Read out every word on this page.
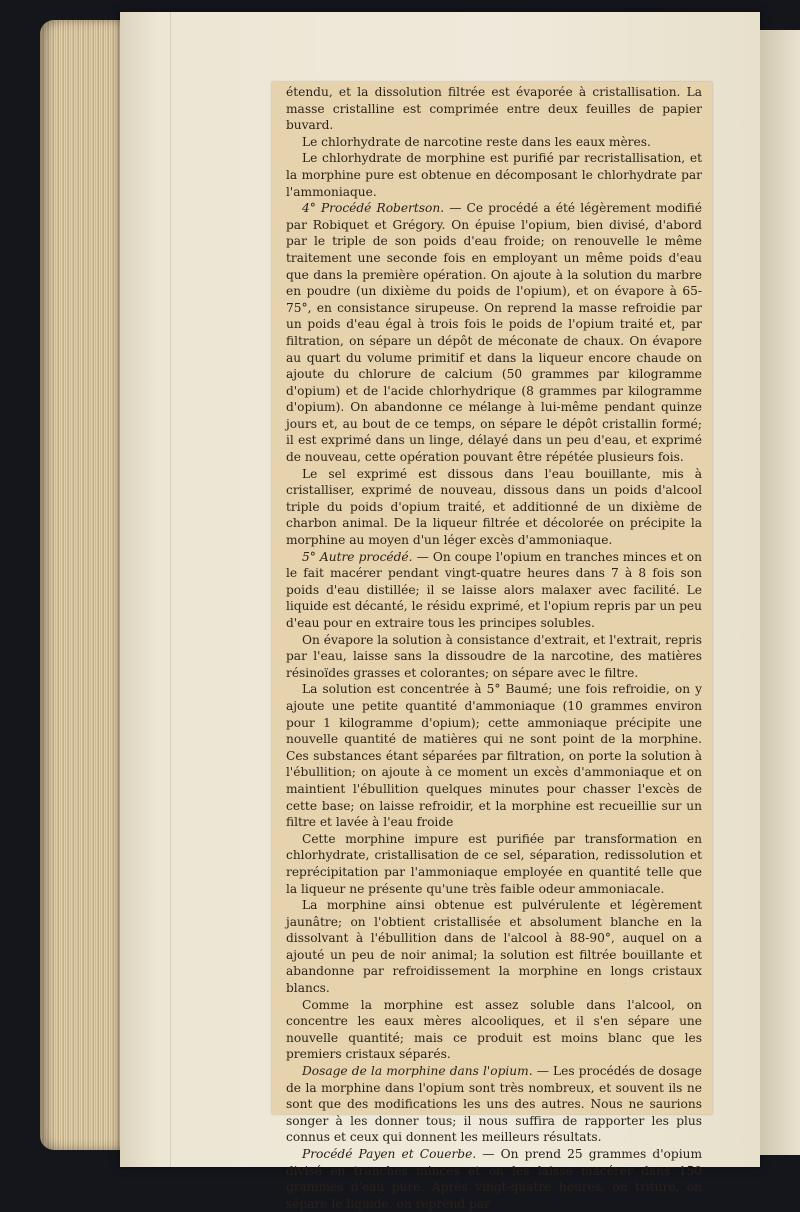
étendu, et la dissolution filtrée est évaporée à cristallisation. La masse cristalline est comprimée entre deux feuilles de papier buvard.

Le chlorhydrate de narcotine reste dans les eaux mères.

Le chlorhydrate de morphine est purifié par recristallisation, et la morphine pure est obtenue en décomposant le chlorhydrate par l'ammoniaque.

4° Procédé Robertson. — Ce procédé a été légèrement modifié par Robiquet et Grégory. On épuise l'opium, bien divisé, d'abord par le triple de son poids d'eau froide; on renouvelle le même traitement une seconde fois en employant un même poids d'eau que dans la première opération. On ajoute à la solution du marbre en poudre (un dixième du poids de l'opium), et on évapore à 65-75°, en consistance sirupeuse. On reprend la masse refroidie par un poids d'eau égal à trois fois le poids de l'opium traité et, par filtration, on sépare un dépôt de méconate de chaux. On évapore au quart du volume primitif et dans la liqueur encore chaude on ajoute du chlorure de calcium (50 grammes par kilogramme d'opium) et de l'acide chlorhydrique (8 grammes par kilogramme d'opium). On abandonne ce mélange à lui-même pendant quinze jours et, au bout de ce temps, on sépare le dépôt cristallin formé; il est exprimé dans un linge, délayé dans un peu d'eau, et exprimé de nouveau, cette opération pouvant être répétée plusieurs fois.

Le sel exprimé est dissous dans l'eau bouillante, mis à cristalliser, exprimé de nouveau, dissous dans un poids d'alcool triple du poids d'opium traité, et additionné de un dixième de charbon animal. De la liqueur filtrée et décolorée on précipite la morphine au moyen d'un léger excès d'ammoniaque.

5° Autre procédé. — On coupe l'opium en tranches minces et on le fait macérer pendant vingt-quatre heures dans 7 à 8 fois son poids d'eau distillée; il se laisse alors malaxer avec facilité. Le liquide est décanté, le résidu exprimé, et l'opium repris par un peu d'eau pour en extraire tous les principes solubles.

On évapore la solution à consistance d'extrait, et l'extrait, repris par l'eau, laisse sans la dissoudre de la narcotine, des matières résinoïdes grasses et colorantes; on sépare avec le filtre.

La solution est concentrée à 5° Baumé; une fois refroidie, on y ajoute une petite quantité d'ammoniaque (10 grammes environ pour 1 kilogramme d'opium); cette ammoniaque précipite une nouvelle quantité de matières qui ne sont point de la morphine. Ces substances étant séparées par filtration, on porte la solution à l'ébullition; on ajoute à ce moment un excès d'ammoniaque et on maintient l'ébullition quelques minutes pour chasser l'excès de cette base; on laisse refroidir, et la morphine est recueillie sur un filtre et lavée à l'eau froide

Cette morphine impure est purifiée par transformation en chlorhydrate, cristallisation de ce sel, séparation, redissolution et reprécipitation par l'ammoniaque employée en quantité telle que la liqueur ne présente qu'une très faible odeur ammoniacale.

La morphine ainsi obtenue est pulvérulente et légèrement jaunâtre; on l'obtient cristallisée et absolument blanche en la dissolvant à l'ébullition dans de l'alcool à 88-90°, auquel on a ajouté un peu de noir animal; la solution est filtrée bouillante et abandonne par refroidissement la morphine en longs cristaux blancs.

Comme la morphine est assez soluble dans l'alcool, on concentre les eaux mères alcooliques, et il s'en sépare une nouvelle quantité; mais ce produit est moins blanc que les premiers cristaux séparés.

Dosage de la morphine dans l'opium. — Les procédés de dosage de la morphine dans l'opium sont très nombreux, et souvent ils ne sont que des modifications les uns des autres. Nous ne saurions songer à les donner tous; il nous suffira de rapporter les plus connus et ceux qui donnent les meilleurs résultats.

Procédé Payen et Couerbe. — On prend 25 grammes d'opium divisé en tranches minces et on les laisse macérer dans 150 grammes d'eau pure. Après vingt-quatre heures, on triture, on sépare le liquide, on reprend par
